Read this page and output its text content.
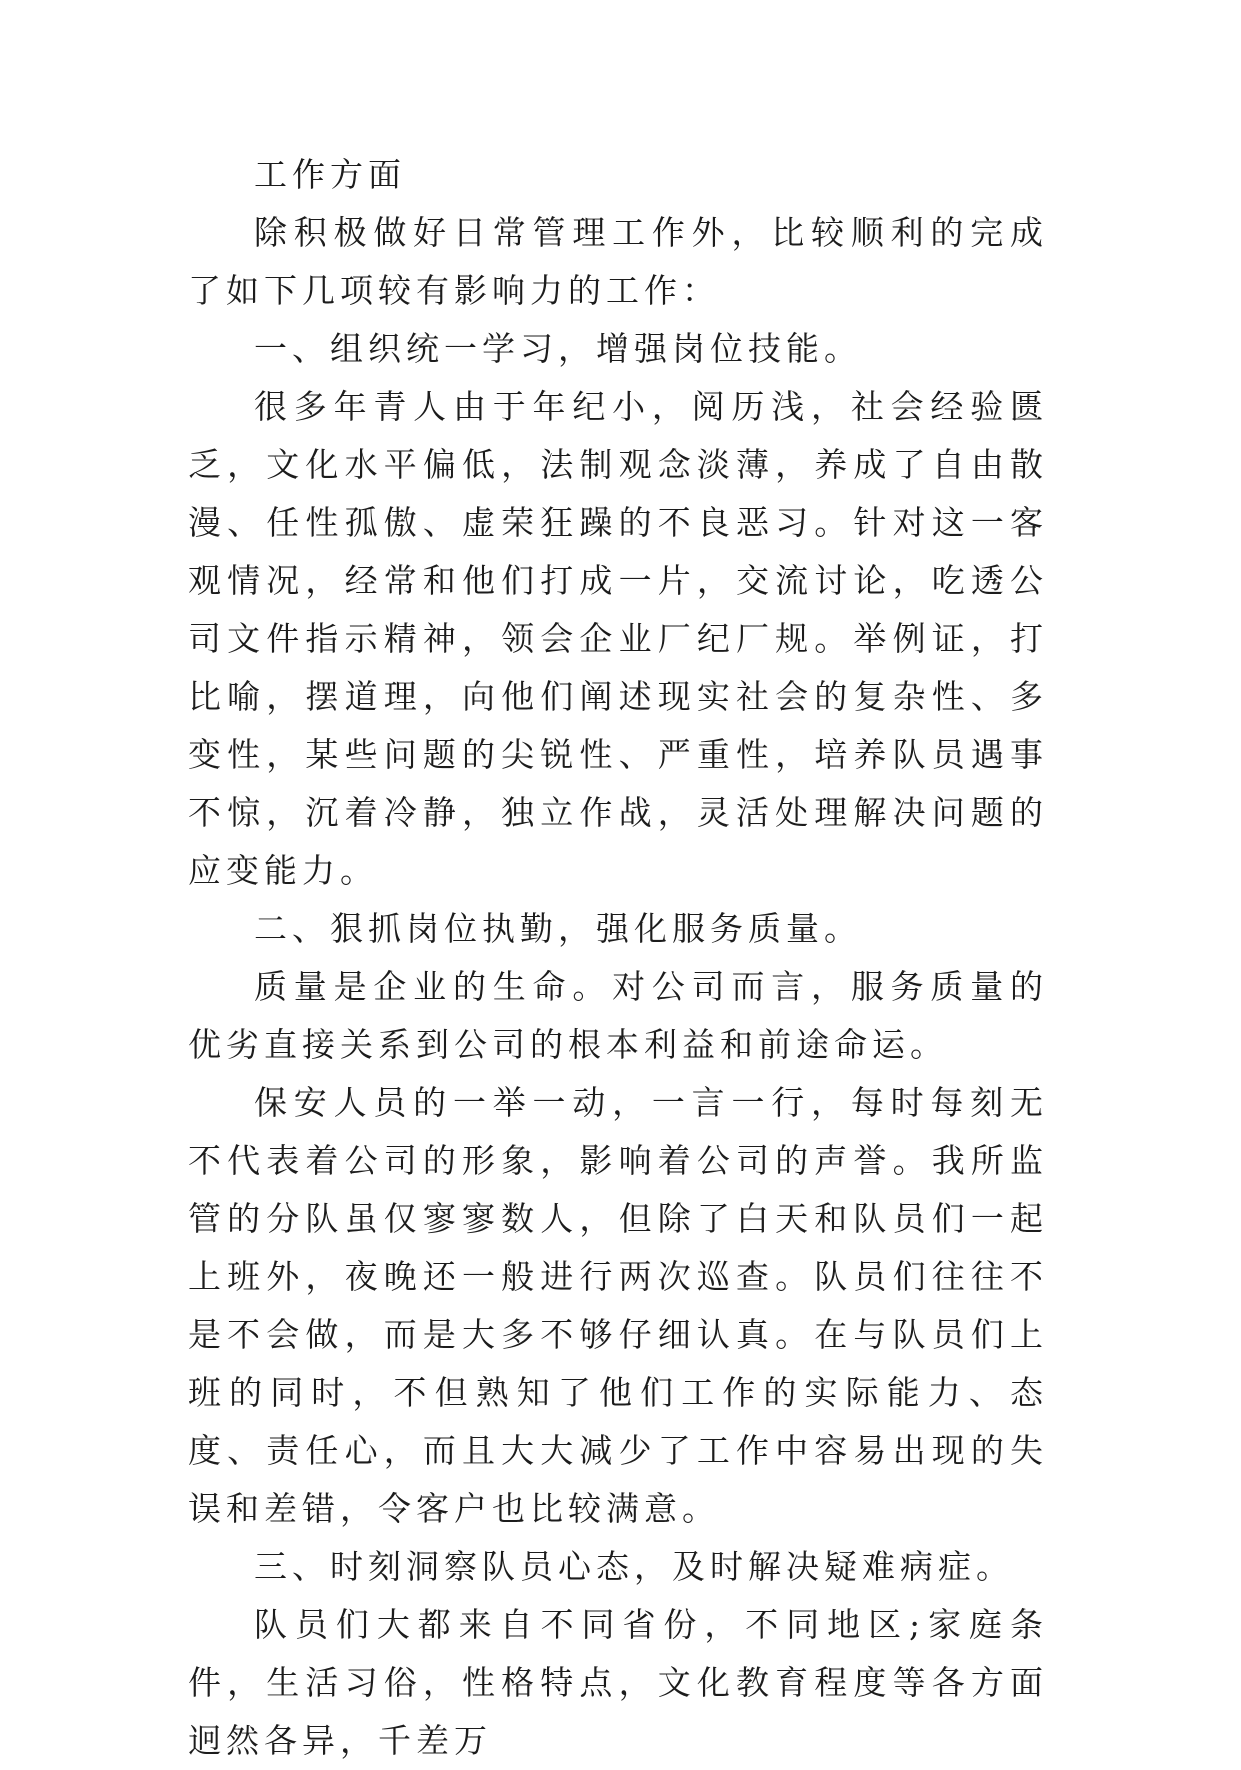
工作方面

除积极做好日常管理工作外，比较顺利的完成了如下几项较有影响力的工作：

一、组织统一学习，增强岗位技能。

很多年青人由于年纪小，阅历浅，社会经验匮乏，文化水平偏低，法制观念淡薄，养成了自由散漫、任性孤傲、虚荣狂躁的不良恶习。针对这一客观情况，经常和他们打成一片，交流讨论，吃透公司文件指示精神，领会企业厂纪厂规。举例证，打比喻，摆道理，向他们阐述现实社会的复杂性、多变性，某些问题的尖锐性、严重性，培养队员遇事不惊，沉着冷静，独立作战，灵活处理解决问题的应变能力。

二、狠抓岗位执勤，强化服务质量。

质量是企业的生命。对公司而言，服务质量的优劣直接关系到公司的根本利益和前途命运。

保安人员的一举一动，一言一行，每时每刻无不代表着公司的形象，影响着公司的声誉。我所监管的分队虽仅寥寥数人，但除了白天和队员们一起上班外，夜晚还一般进行两次巡查。队员们往往不是不会做，而是大多不够仔细认真。在与队员们上班的同时，不但熟知了他们工作的实际能力、态度、责任心，而且大大减少了工作中容易出现的失误和差错，令客户也比较满意。

三、时刻洞察队员心态，及时解决疑难病症。

队员们大都来自不同省份，不同地区;家庭条件，生活习俗，性格特点，文化教育程度等各方面迥然各异，千差万
